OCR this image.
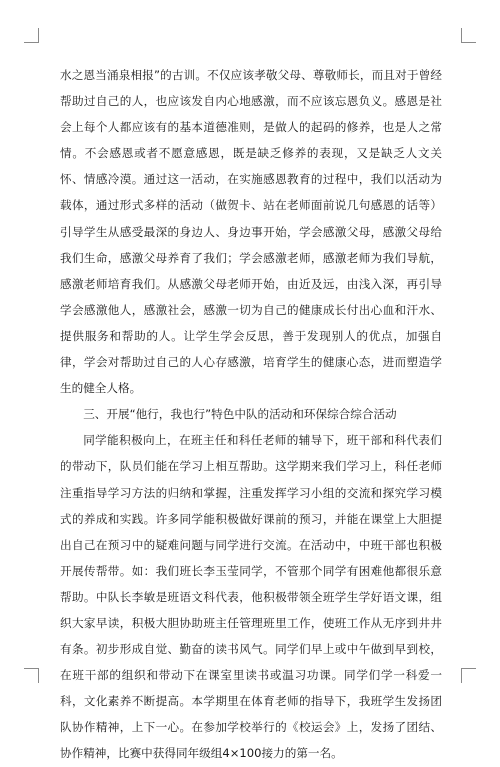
水之恩当涌泉相报”的古训。不仅应该孝敬父母、尊敬师长，而且对于曾经帮助过自己的人，也应该发自内心地感激，而不应该忘恩负义。感恩是社会上每个人都应该有的基本道德准则，是做人的起码的修养，也是人之常情。不会感恩或者不愿意感恩，既是缺乏修养的表现，又是缺乏人文关怀、情感冷漠。通过这一活动，在实施感恩教育的过程中，我们以活动为载体，通过形式多样的活动（做贺卡、站在老师面前说几句感恩的话等）引导学生从感受最深的身边人、身边事开始，学会感激父母，感激父母给我们生命，感激父母养育了我们；学会感激老师，感激老师为我们导航，感激老师培育我们。从感激父母老师开始，由近及远，由浅入深，再引导学会感激他人，感激社会，感激一切为自己的健康成长付出心血和汗水、提供服务和帮助的人。让学生学会反思，善于发现别人的优点，加强自律，学会对帮助过自己的人心存感激，培育学生的健康心态，进而塑造学生的健全人格。

三、开展“他行，我也行”特色中队的活动和环保综合综合活动

同学能积极向上，在班主任和科任老师的辅导下，班干部和科代表们的带动下，队员们能在学习上相互帮助。这学期来我们学习上，科任老师注重指导学习方法的归纳和掌握，注重发挥学习小组的交流和探究学习模式的养成和实践。许多同学能积极做好课前的预习，并能在课堂上大胆提出自己在预习中的疑难问题与同学进行交流。在活动中，中班干部也积极开展传帮带。如：我们班长李玉莹同学，不管那个同学有困难他都很乐意帮助。中队长李敏是班语文科代表，他积极带领全班学生学好语文课，组织大家早读，积极大胆协助班主任管理班里工作，使班工作从无序到井井有条。初步形成自觉、勤奋的读书风气。同学们早上或中午做到早到校，在班干部的组织和带动下在课室里读书或温习功课。同学们学一科爱一科，文化素养不断提高。本学期里在体育老师的指导下，我班学生发扬团队协作精神，上下一心。在参加学校举行的《校运会》上，发扬了团结、协作精神，比赛中获得同年级组4×100接力的第一名。
